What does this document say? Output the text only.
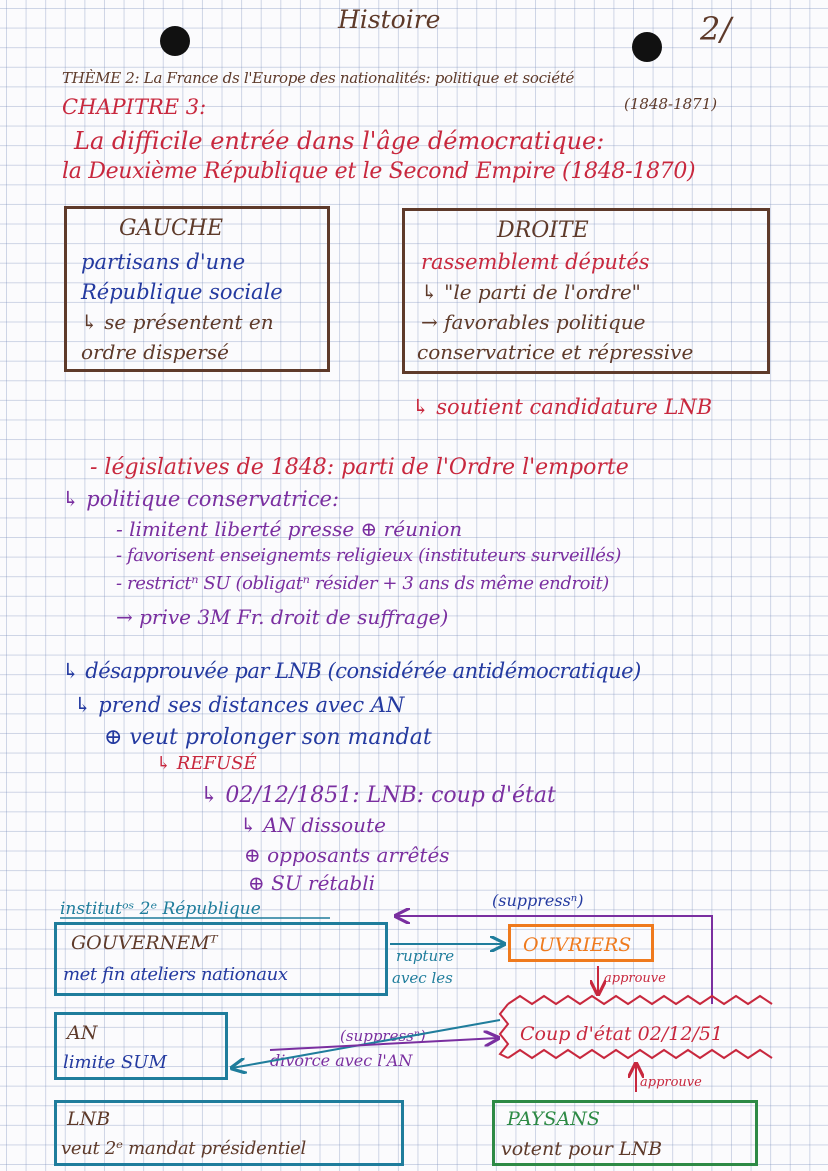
Histoire	2/
THÈME 2: La France ds l'Europe des nationalités: politique et société
(1848-1871)
CHAPITRE 3:
La difficile entrée dans l'âge démocratique:
la Deuxième République et le Second Empire (1848-1870)
GAUCHE
partisans d'une
République sociale
↳ se présentent en
ordre dispersé
DROITE
rassemblemt députés
↳ "le parti de l'ordre"
→ favorables politique
conservatrice et répressive
↳ soutient candidature LNB
- législatives de 1848: parti de l'Ordre l'emporte
↳ politique conservatrice:
- limitent liberté presse ⊕ réunion
- favorisent enseignemts religieux (instituteurs surveillés)
- restrictⁿ SU (obligatⁿ résider + 3 ans ds même endroit)
→ prive 3M Fr. droit de suffrage)
↳ désapprouvée par LNB (considérée antidémocratique)
↳ prend ses distances avec AN
⊕ veut prolonger son mandat
↳ REFUSÉ
↳ 02/12/1851: LNB: coup d'état
↳ AN dissoute
⊕ opposants arrêtés
⊕ SU rétabli
institutᵒˢ 2ᵉ République	(suppressⁿ)
GOUVERNEMᵀ
met fin ateliers nationaux
rupture
avec les
OUVRIERS
approuve
AN
limite SUM
(suppressⁿ)
divorce avec l'AN
Coup d'état 02/12/51
approuve
LNB
veut 2ᵉ mandat présidentiel
PAYSANS
votent pour LNB
